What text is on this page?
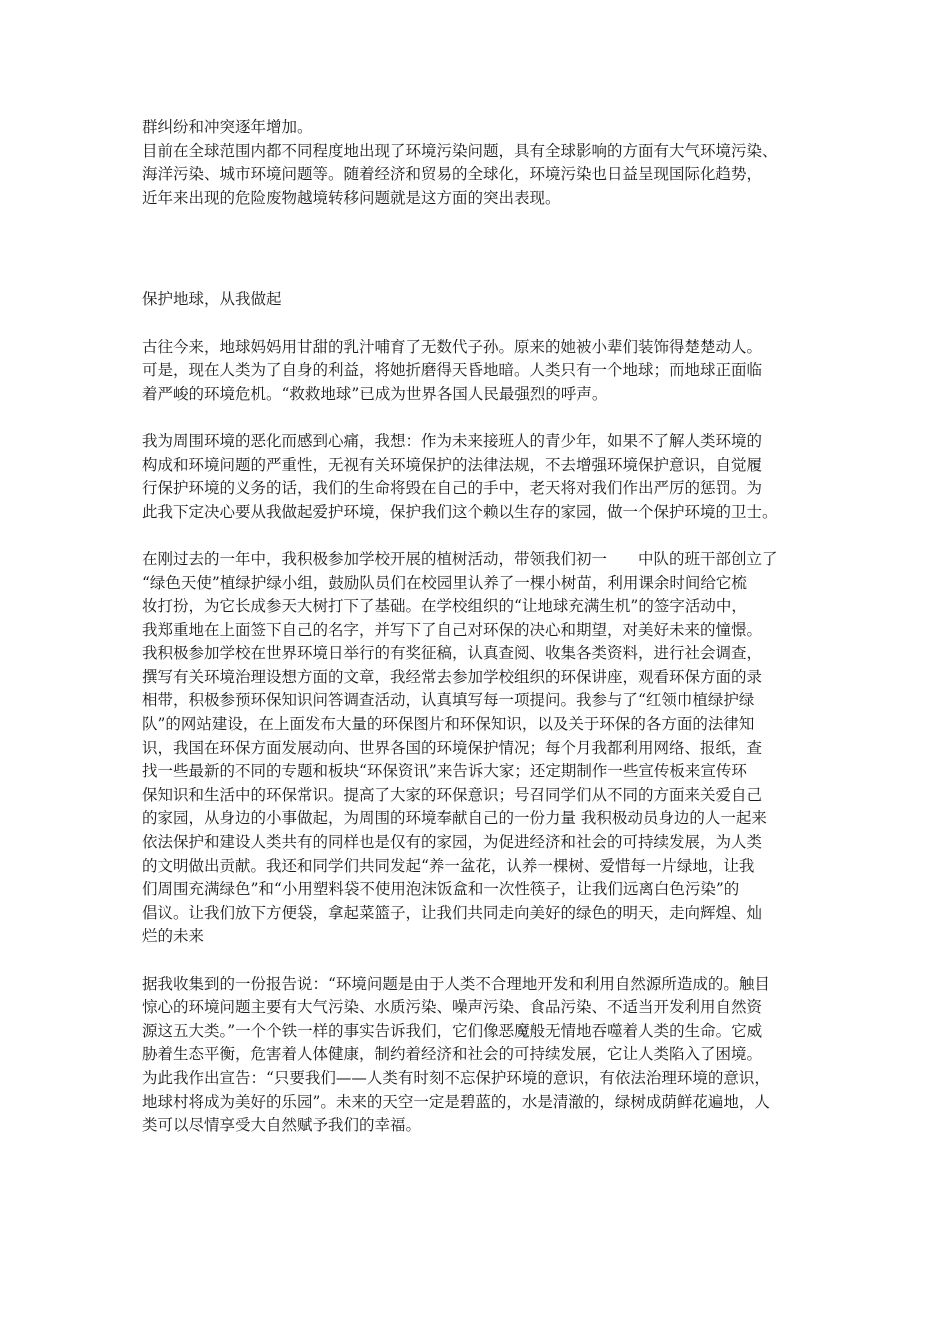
群纠纷和冲突逐年增加。
目前在全球范围内都不同程度地出现了环境污染问题，具有全球影响的方面有大气环境污染、
海洋污染、城市环境问题等。随着经济和贸易的全球化，环境污染也日益呈现国际化趋势，
近年来出现的危险废物越境转移问题就是这方面的突出表现。
保护地球，从我做起
古往今来，地球妈妈用甘甜的乳汁哺育了无数代子孙。原来的她被小辈们装饰得楚楚动人。
可是，现在人类为了自身的利益，将她折磨得天昏地暗。人类只有一个地球；而地球正面临
着严峻的环境危机。“救救地球”已成为世界各国人民最强烈的呼声。
我为周围环境的恶化而感到心痛，我想：作为未来接班人的青少年，如果不了解人类环境的
构成和环境问题的严重性，无视有关环境保护的法律法规，不去增强环境保护意识，自觉履
行保护环境的义务的话，我们的生命将毁在自己的手中，老天将对我们作出严厉的惩罚。为
此我下定决心要从我做起爱护环境，保护我们这个赖以生存的家园，做一个保护环境的卫士。
在刚过去的一年中，我积极参加学校开展的植树活动，带领我们初一　　中队的班干部创立了
“绿色天使”植绿护绿小组，鼓励队员们在校园里认养了一棵小树苗，利用课余时间给它梳
妆打扮，为它长成参天大树打下了基础。在学校组织的“让地球充满生机”的签字活动中，
我郑重地在上面签下自己的名字，并写下了自己对环保的决心和期望，对美好未来的憧憬。
我积极参加学校在世界环境日举行的有奖征稿，认真查阅、收集各类资料，进行社会调查，
撰写有关环境治理设想方面的文章，我经常去参加学校组织的环保讲座，观看环保方面的录
相带，积极参预环保知识问答调查活动，认真填写每一项提问。我参与了“红领巾植绿护绿
队”的网站建设，在上面发布大量的环保图片和环保知识，以及关于环保的各方面的法律知
识，我国在环保方面发展动向、世界各国的环境保护情况；每个月我都利用网络、报纸，查
找一些最新的不同的专题和板块“环保资讯”来告诉大家；还定期制作一些宣传板来宣传环
保知识和生活中的环保常识。提高了大家的环保意识；号召同学们从不同的方面来关爱自己
的家园，从身边的小事做起，为周围的环境奉献自己的一份力量 我积极动员身边的人一起来
依法保护和建设人类共有的同样也是仅有的家园，为促进经济和社会的可持续发展，为人类
的文明做出贡献。我还和同学们共同发起“养一盆花，认养一棵树、爱惜每一片绿地，让我
们周围充满绿色”和“小用塑料袋不使用泡沫饭盒和一次性筷子，让我们远离白色污染”的
倡议。让我们放下方便袋，拿起菜篮子，让我们共同走向美好的绿色的明天，走向辉煌、灿
烂的未来
据我收集到的一份报告说：“环境问题是由于人类不合理地开发和利用自然源所造成的。触目
惊心的环境问题主要有大气污染、水质污染、噪声污染、食品污染、不适当开发利用自然资
源这五大类。”一个个铁一样的事实告诉我们，它们像恶魔般无情地吞噬着人类的生命。它威
胁着生态平衡，危害着人体健康，制约着经济和社会的可持续发展，它让人类陷入了困境。
为此我作出宣告：“只要我们——人类有时刻不忘保护环境的意识，有依法治理环境的意识，
地球村将成为美好的乐园”。未来的天空一定是碧蓝的，水是清澈的，绿树成荫鲜花遍地，人
类可以尽情享受大自然赋予我们的幸福。
